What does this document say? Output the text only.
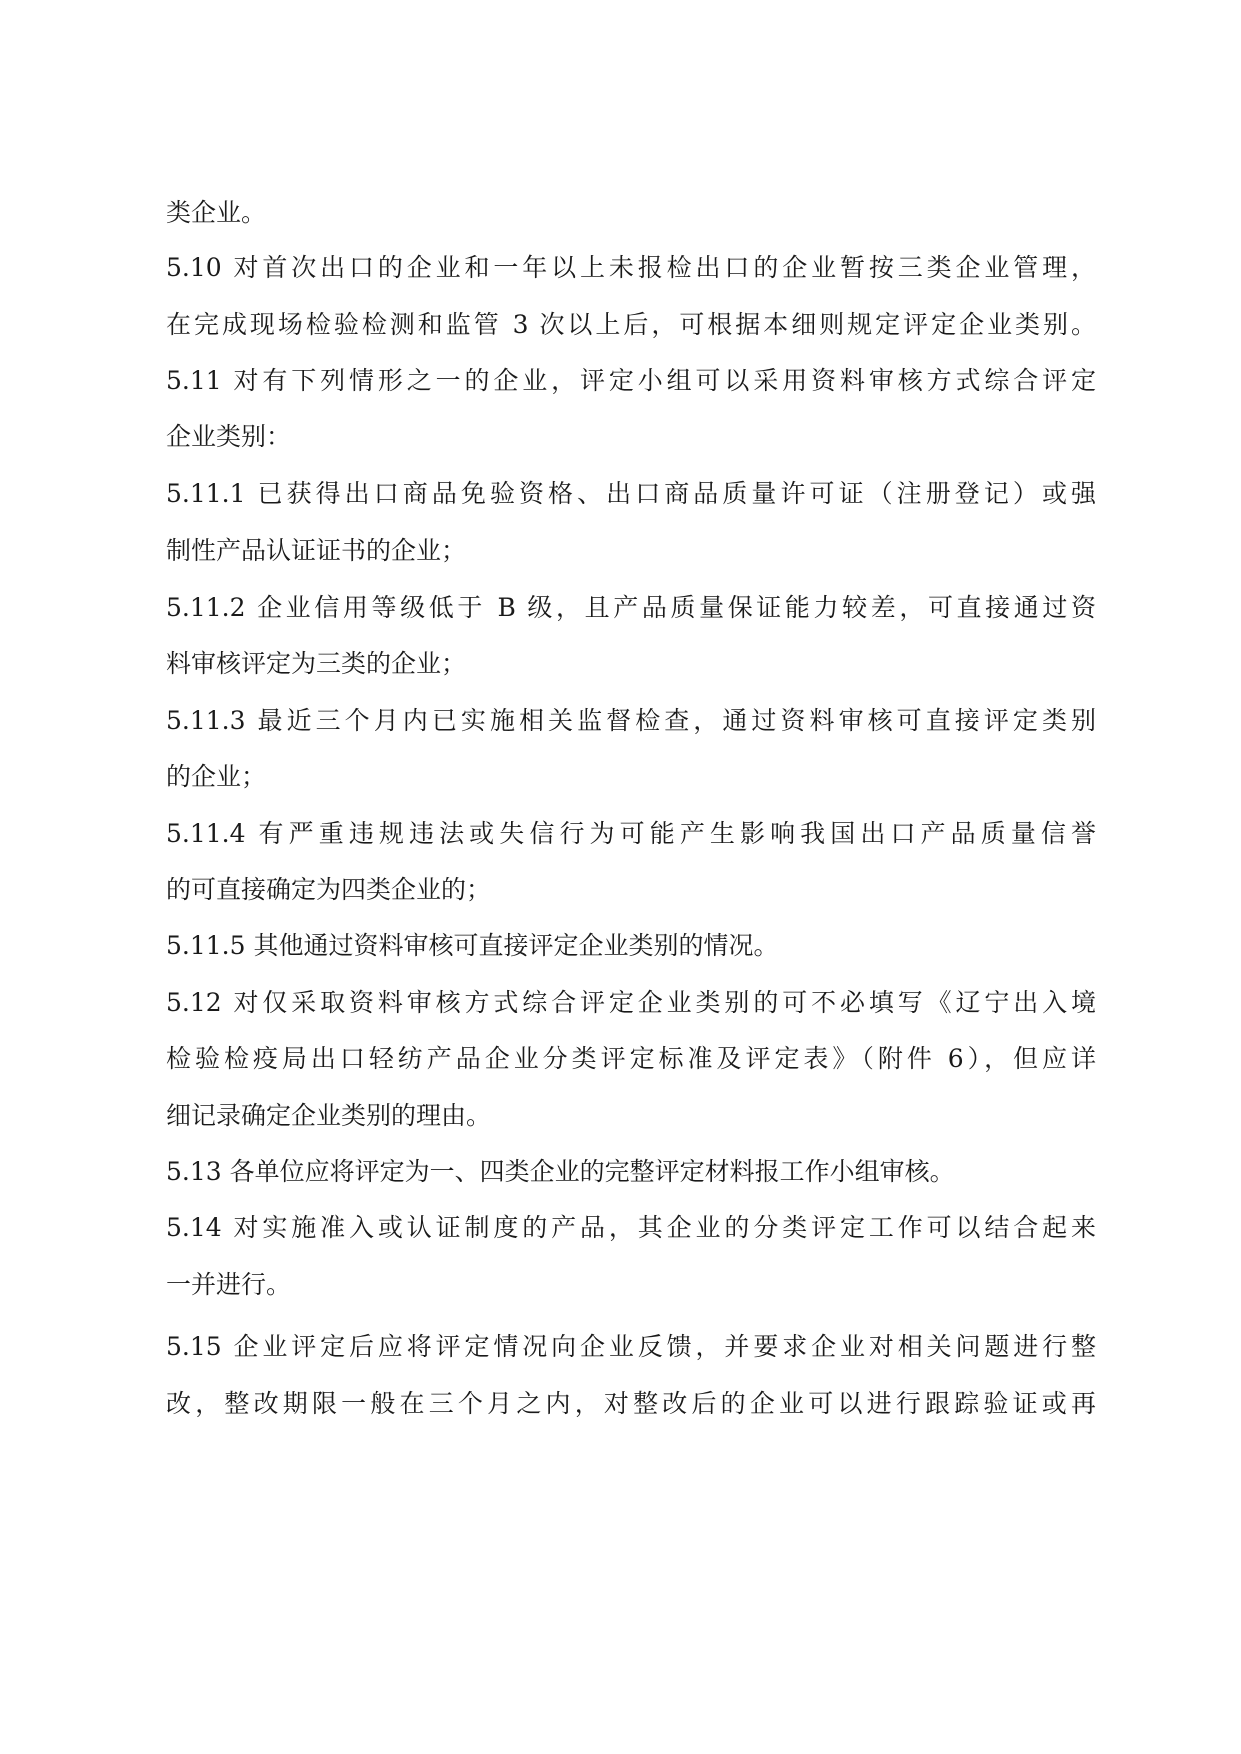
类企业。
5.10 对首次出口的企业和一年以上未报检出口的企业暂按三类企业管理，
在完成现场检验检测和监管 3 次以上后，可根据本细则规定评定企业类别。
5.11 对有下列情形之一的企业，评定小组可以采用资料审核方式综合评定
企业类别：
5.11.1 已获得出口商品免验资格、出口商品质量许可证（注册登记）或强
制性产品认证证书的企业；
5.11.2 企业信用等级低于 B 级，且产品质量保证能力较差，可直接通过资
料审核评定为三类的企业；
5.11.3 最近三个月内已实施相关监督检查，通过资料审核可直接评定类别
的企业；
5.11.4 有严重违规违法或失信行为可能产生影响我国出口产品质量信誉
的可直接确定为四类企业的；
5.11.5 其他通过资料审核可直接评定企业类别的情况。
5.12 对仅采取资料审核方式综合评定企业类别的可不必填写《辽宁出入境
检验检疫局出口轻纺产品企业分类评定标准及评定表》（附件 6），但应详
细记录确定企业类别的理由。
5.13 各单位应将评定为一、四类企业的完整评定材料报工作小组审核。
5.14 对实施准入或认证制度的产品，其企业的分类评定工作可以结合起来
一并进行。
5.15 企业评定后应将评定情况向企业反馈，并要求企业对相关问题进行整
改，整改期限一般在三个月之内，对整改后的企业可以进行跟踪验证或再
